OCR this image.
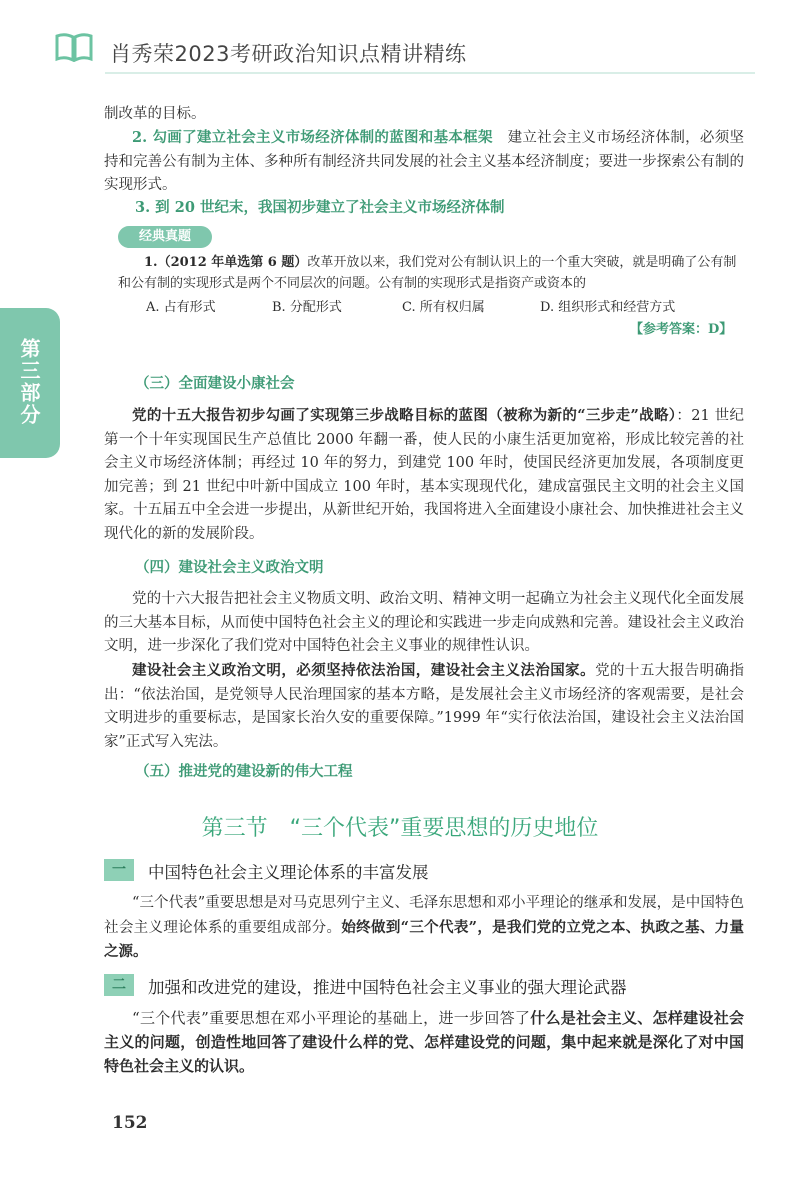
肖秀荣2023考研政治知识点精讲精练
第三部分

制改革的目标。

2. 勾画了建立社会主义市场经济体制的蓝图和基本框架　 建立社会主义市场经济体制，必须坚持和完善公有制为主体、多种所有制经济共同发展的社会主义基本经济制度；要进一步探索公有制的实现形式。

3. 到 20 世纪末，我国初步建立了社会主义市场经济体制

经典真题

1.（2012 年单选第 6 题）改革开放以来，我们党对公有制认识上的一个重大突破，就是明确了公有制和公有制的实现形式是两个不同层次的问题。公有制的实现形式是指资产或资本的

A. 占有形式	B. 分配形式	C. 所有权归属	D. 组织形式和经营方式
【参考答案：D】

（三）全面建设小康社会

党的十五大报告初步勾画了实现第三步战略目标的蓝图（被称为新的“三步走”战略）：21 世纪第一个十年实现国民生产总值比 2000 年翻一番，使人民的小康生活更加宽裕，形成比较完善的社会主义市场经济体制；再经过 10 年的努力，到建党 100 年时，使国民经济更加发展，各项制度更加完善；到 21 世纪中叶新中国成立 100 年时，基本实现现代化，建成富强民主文明的社会主义国家。十五届五中全会进一步提出，从新世纪开始，我国将进入全面建设小康社会、加快推进社会主义现代化的新的发展阶段。

（四）建设社会主义政治文明

党的十六大报告把社会主义物质文明、政治文明、精神文明一起确立为社会主义现代化全面发展的三大基本目标，从而使中国特色社会主义的理论和实践进一步走向成熟和完善。建设社会主义政治文明，进一步深化了我们党对中国特色社会主义事业的规律性认识。

建设社会主义政治文明，必须坚持依法治国，建设社会主义法治国家。党的十五大报告明确指出：“依法治国，是党领导人民治理国家的基本方略，是发展社会主义市场经济的客观需要，是社会文明进步的重要标志，是国家长治久安的重要保障。”1999 年“实行依法治国，建设社会主义法治国家”正式写入宪法。

（五）推进党的建设新的伟大工程

第三节　“三个代表”重要思想的历史地位
一	中国特色社会主义理论体系的丰富发展

“三个代表”重要思想是对马克思列宁主义、毛泽东思想和邓小平理论的继承和发展，是中国特色社会主义理论体系的重要组成部分。始终做到“三个代表”，是我们党的立党之本、执政之基、力量之源。

二	加强和改进党的建设，推进中国特色社会主义事业的强大理论武器

“三个代表”重要思想在邓小平理论的基础上，进一步回答了什么是社会主义、怎样建设社会主义的问题，创造性地回答了建设什么样的党、怎样建设党的问题，集中起来就是深化了对中国特色社会主义的认识。

152
